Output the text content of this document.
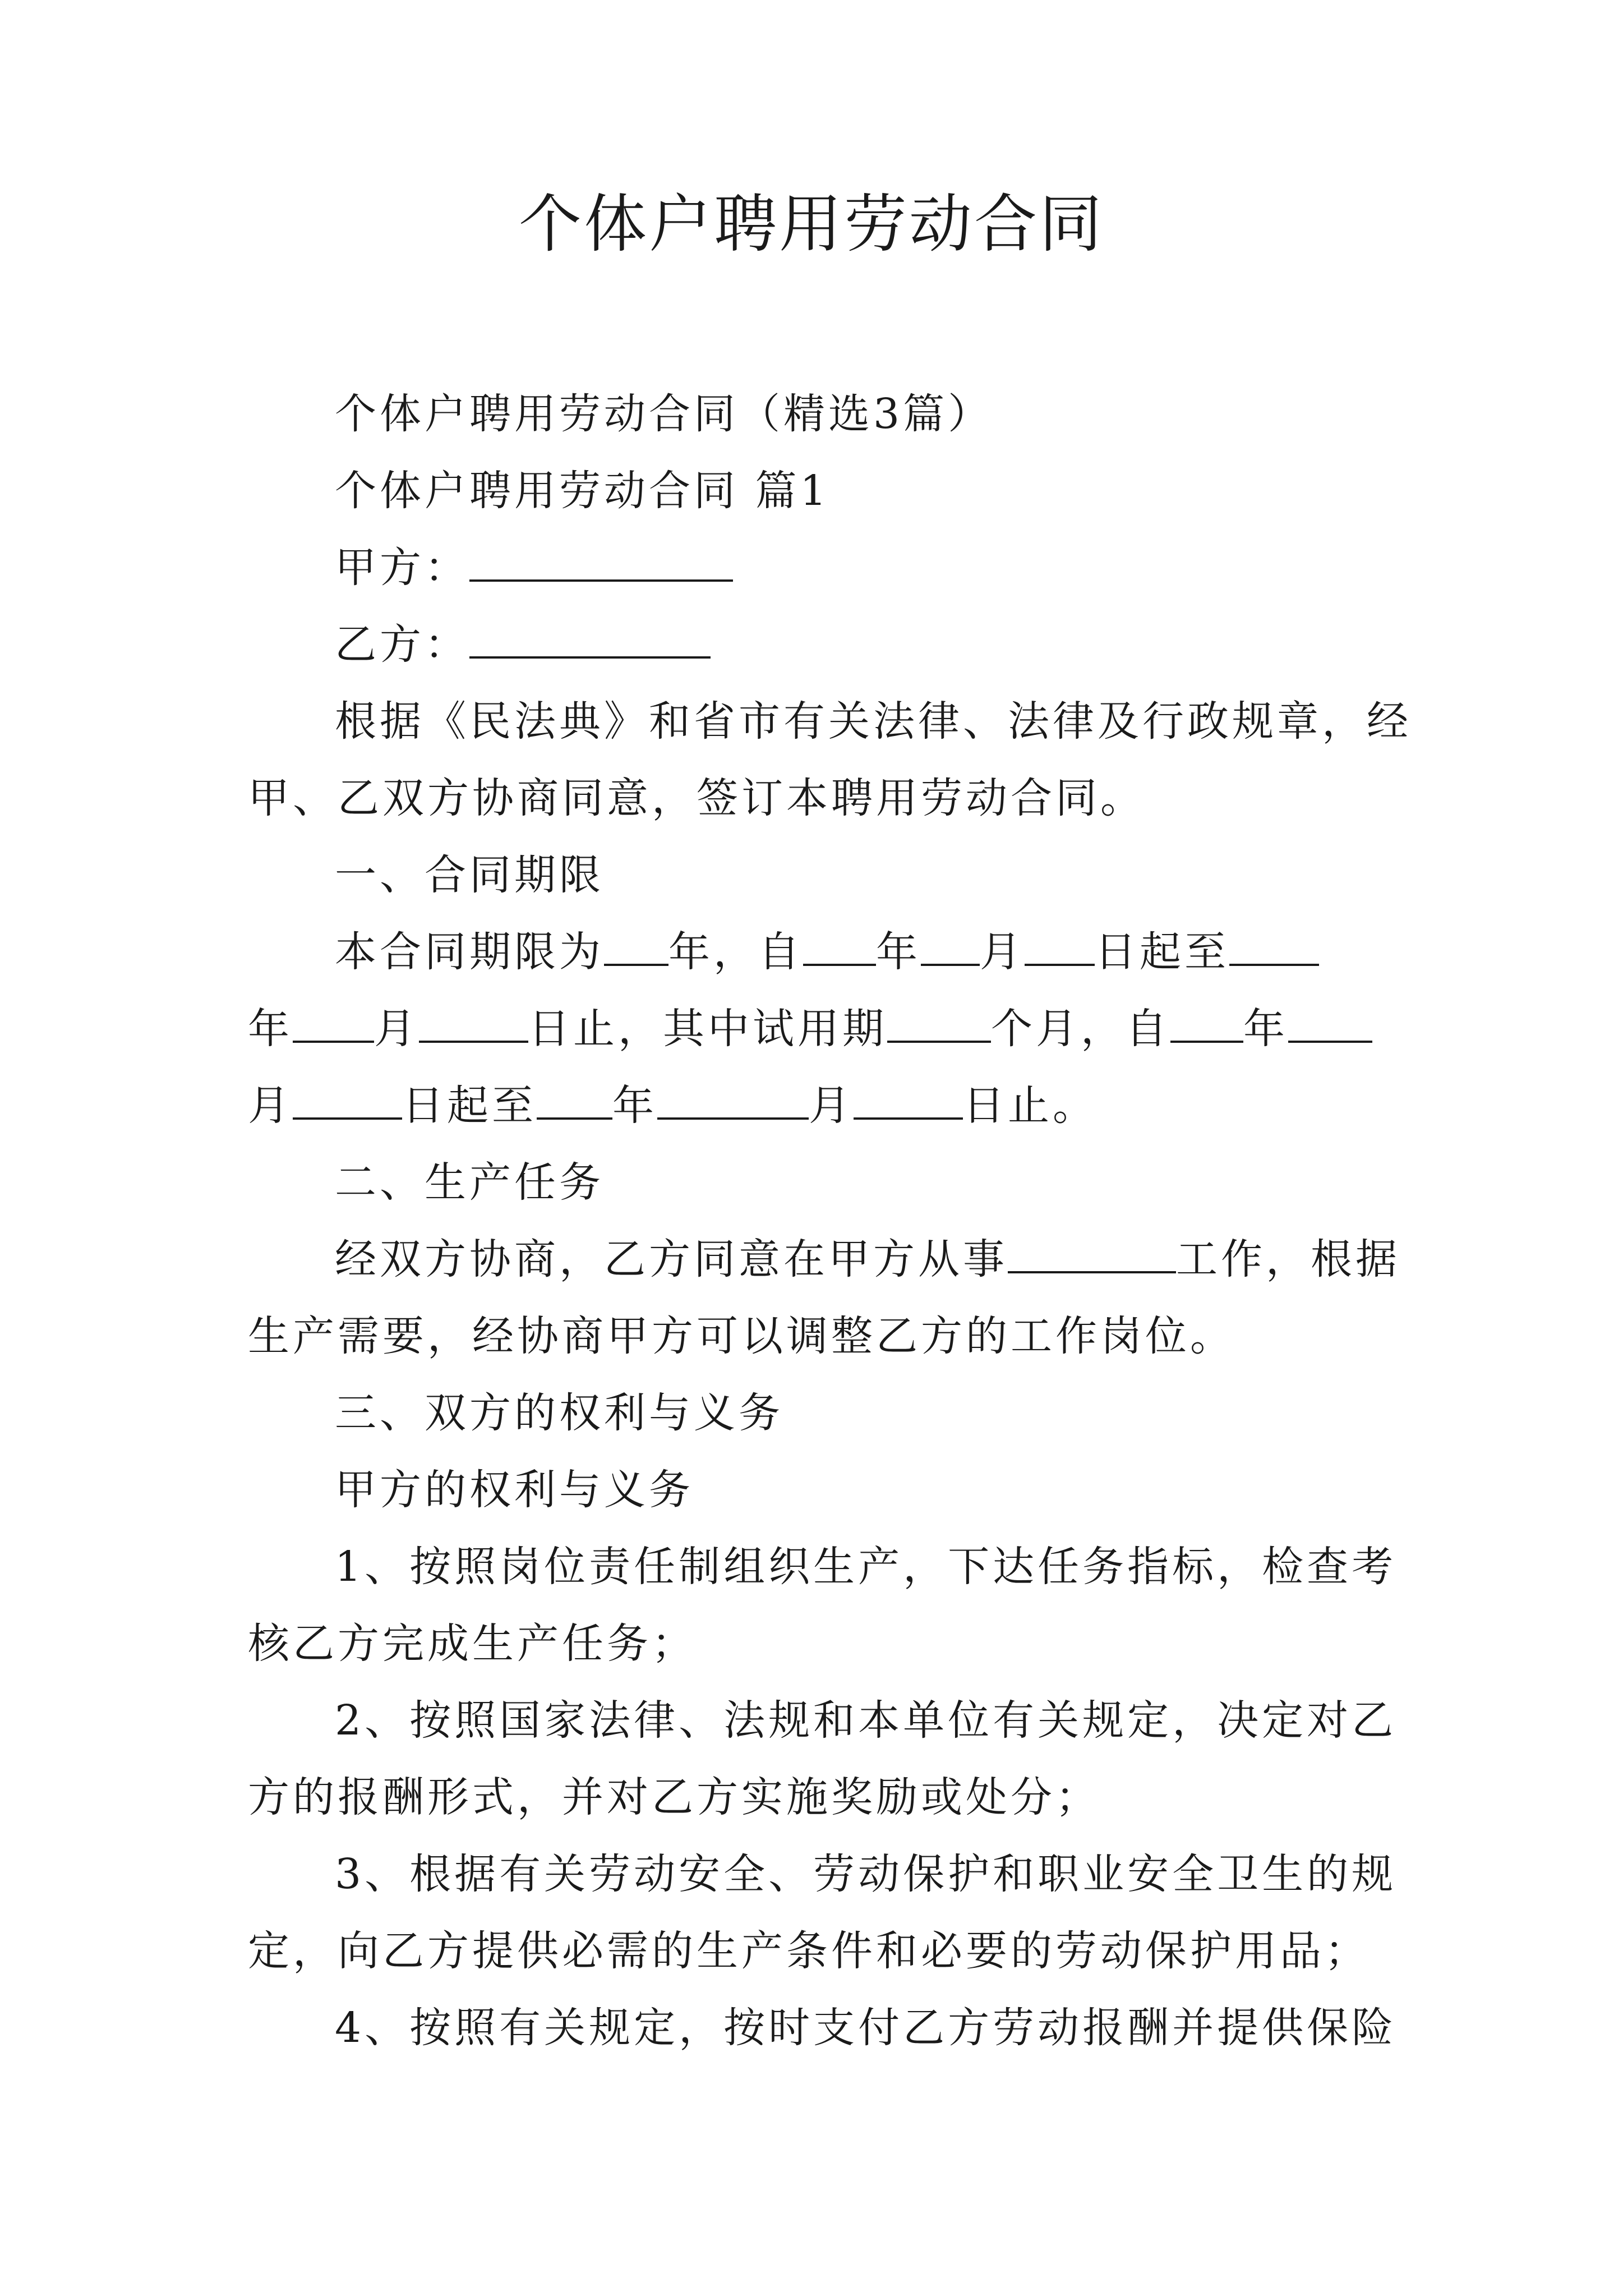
个体户聘用劳动合同
个体户聘用劳动合同（精选3篇）
个体户聘用劳动合同 篇1
甲方：
乙方：
根据《民法典》和省市有关法律、法律及行政规章，经
甲、乙双方协商同意，签订本聘用劳动合同。
一、合同期限
本合同期限为 年，自 年 月 日起至
年 月	日止，其中试用期	个月，自 年
月	日起至 年	月	日止。
二、生产任务
经双方协商，乙方同意在甲方从事	工作，根据
生产需要，经协商甲方可以调整乙方的工作岗位。
三、双方的权利与义务
甲方的权利与义务
1、按照岗位责任制组织生产，下达任务指标，检查考
核乙方完成生产任务；
2、按照国家法律、法规和本单位有关规定，决定对乙
方的报酬形式，并对乙方实施奖励或处分；
3、根据有关劳动安全、劳动保护和职业安全卫生的规
定，向乙方提供必需的生产条件和必要的劳动保护用品；
4、按照有关规定，按时支付乙方劳动报酬并提供保险
